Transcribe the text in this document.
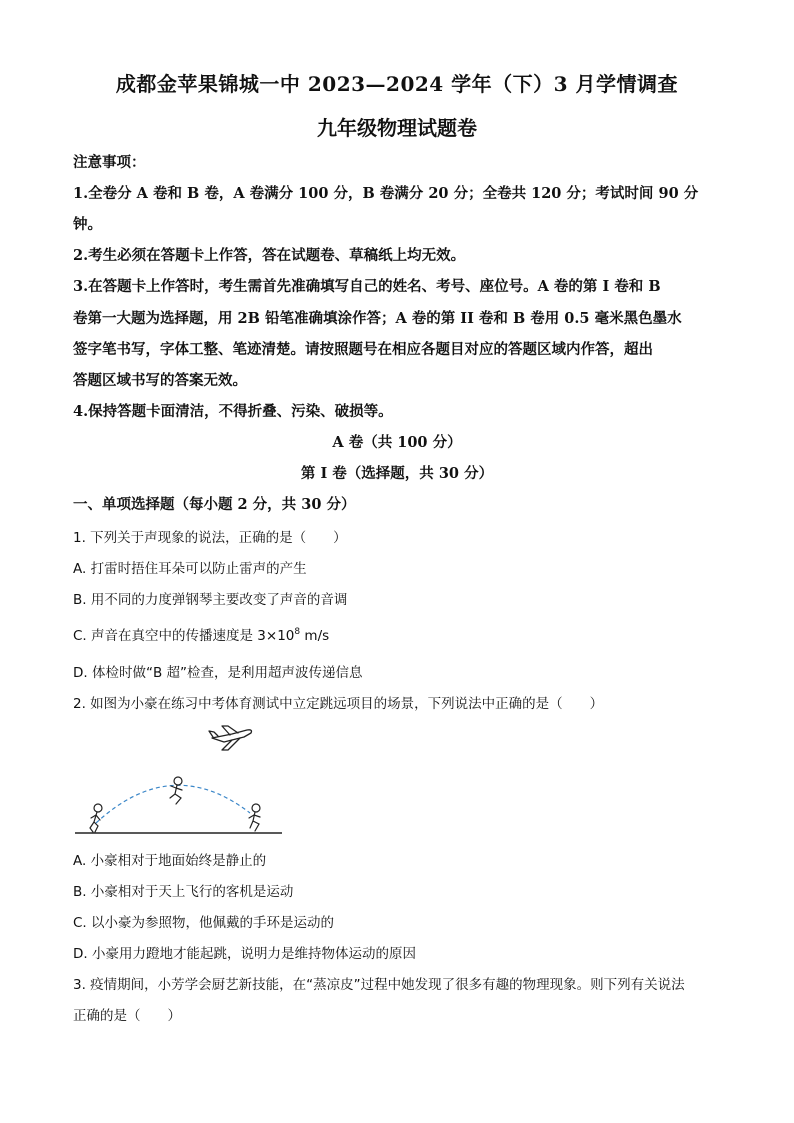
成都金苹果锦城一中 2023—2024 学年（下）3 月学情调查
九年级物理试题卷
注意事项：
1.全卷分 A 卷和 B 卷，A 卷满分 100 分，B 卷满分 20 分；全卷共 120 分；考试时间 90 分
钟。
2.考生必须在答题卡上作答，答在试题卷、草稿纸上均无效。
3.在答题卡上作答时，考生需首先准确填写自己的姓名、考号、座位号。A 卷的第 I 卷和 B
卷第一大题为选择题，用 2B 铅笔准确填涂作答；A 卷的第 II 卷和 B 卷用 0.5 毫米黑色墨水
签字笔书写，字体工整、笔迹清楚。请按照题号在相应各题目对应的答题区域内作答，超出
答题区域书写的答案无效。
4.保持答题卡面清洁，不得折叠、污染、破损等。
A 卷（共 100 分）
第 I 卷（选择题，共 30 分）
一、单项选择题（每小题 2 分，共 30 分）
1. 下列关于声现象的说法，正确的是（　　）
A. 打雷时捂住耳朵可以防止雷声的产生
B. 用不同的力度弹钢琴主要改变了声音的音调
C. 声音在真空中的传播速度是 $3\times 10^8$ m/s
D. 体检时做“B 超”检查，是利用超声波传递信息
2. 如图为小豪在练习中考体育测试中立定跳远项目的场景，下列说法中正确的是（　　）
A. 小豪相对于地面始终是静止的
B. 小豪相对于天上飞行的客机是运动
C. 以小豪为参照物，他佩戴的手环是运动的
D. 小豪用力蹬地才能起跳，说明力是维持物体运动的原因
3. 疫情期间，小芳学会厨艺新技能，在“蒸凉皮”过程中她发现了很多有趣的物理现象。则下列有关说法
正确的是（　　）
